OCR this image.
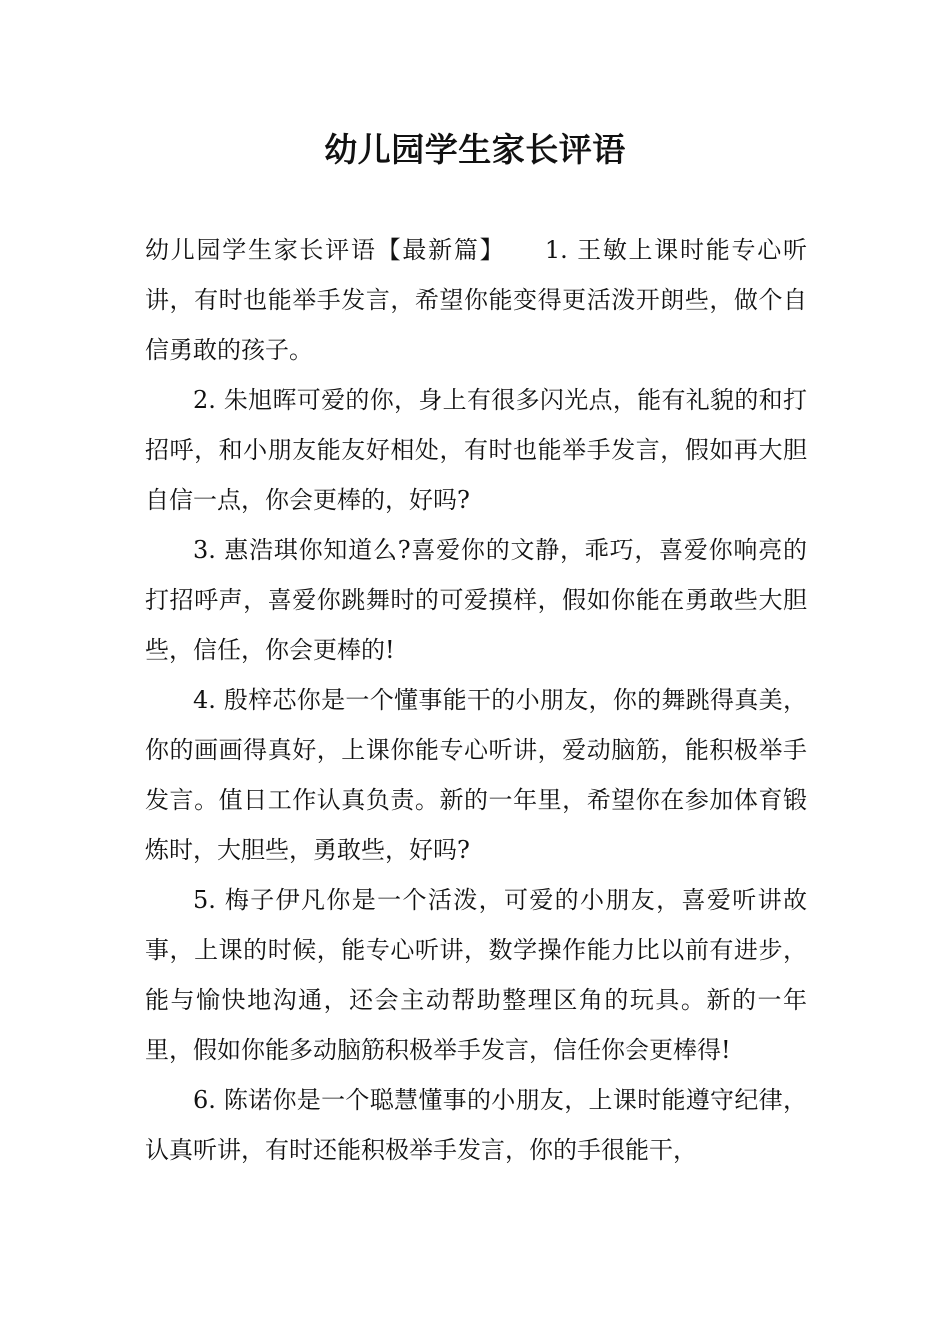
幼儿园学生家长评语

幼儿园学生家长评语【最新篇】　　1. 王敏上课时能专心听讲，有时也能举手发言，希望你能变得更活泼开朗些，做个自信勇敢的孩子。

2. 朱旭晖可爱的你，身上有很多闪光点，能有礼貌的和打招呼，和小朋友能友好相处，有时也能举手发言，假如再大胆自信一点，你会更棒的，好吗?

3. 惠浩琪你知道么?喜爱你的文静，乖巧，喜爱你响亮的打招呼声，喜爱你跳舞时的可爱摸样，假如你能在勇敢些大胆些，信任，你会更棒的!

4. 殷梓芯你是一个懂事能干的小朋友，你的舞跳得真美，你的画画得真好，上课你能专心听讲，爱动脑筋，能积极举手发言。值日工作认真负责。新的一年里，希望你在参加体育锻炼时，大胆些，勇敢些，好吗?

5. 梅子伊凡你是一个活泼，可爱的小朋友，喜爱听讲故事，上课的时候，能专心听讲，数学操作能力比以前有进步，能与愉快地沟通，还会主动帮助整理区角的玩具。新的一年里，假如你能多动脑筋积极举手发言，信任你会更棒得!

6. 陈诺你是一个聪慧懂事的小朋友，上课时能遵守纪律，认真听讲，有时还能积极举手发言，你的手很能干，
